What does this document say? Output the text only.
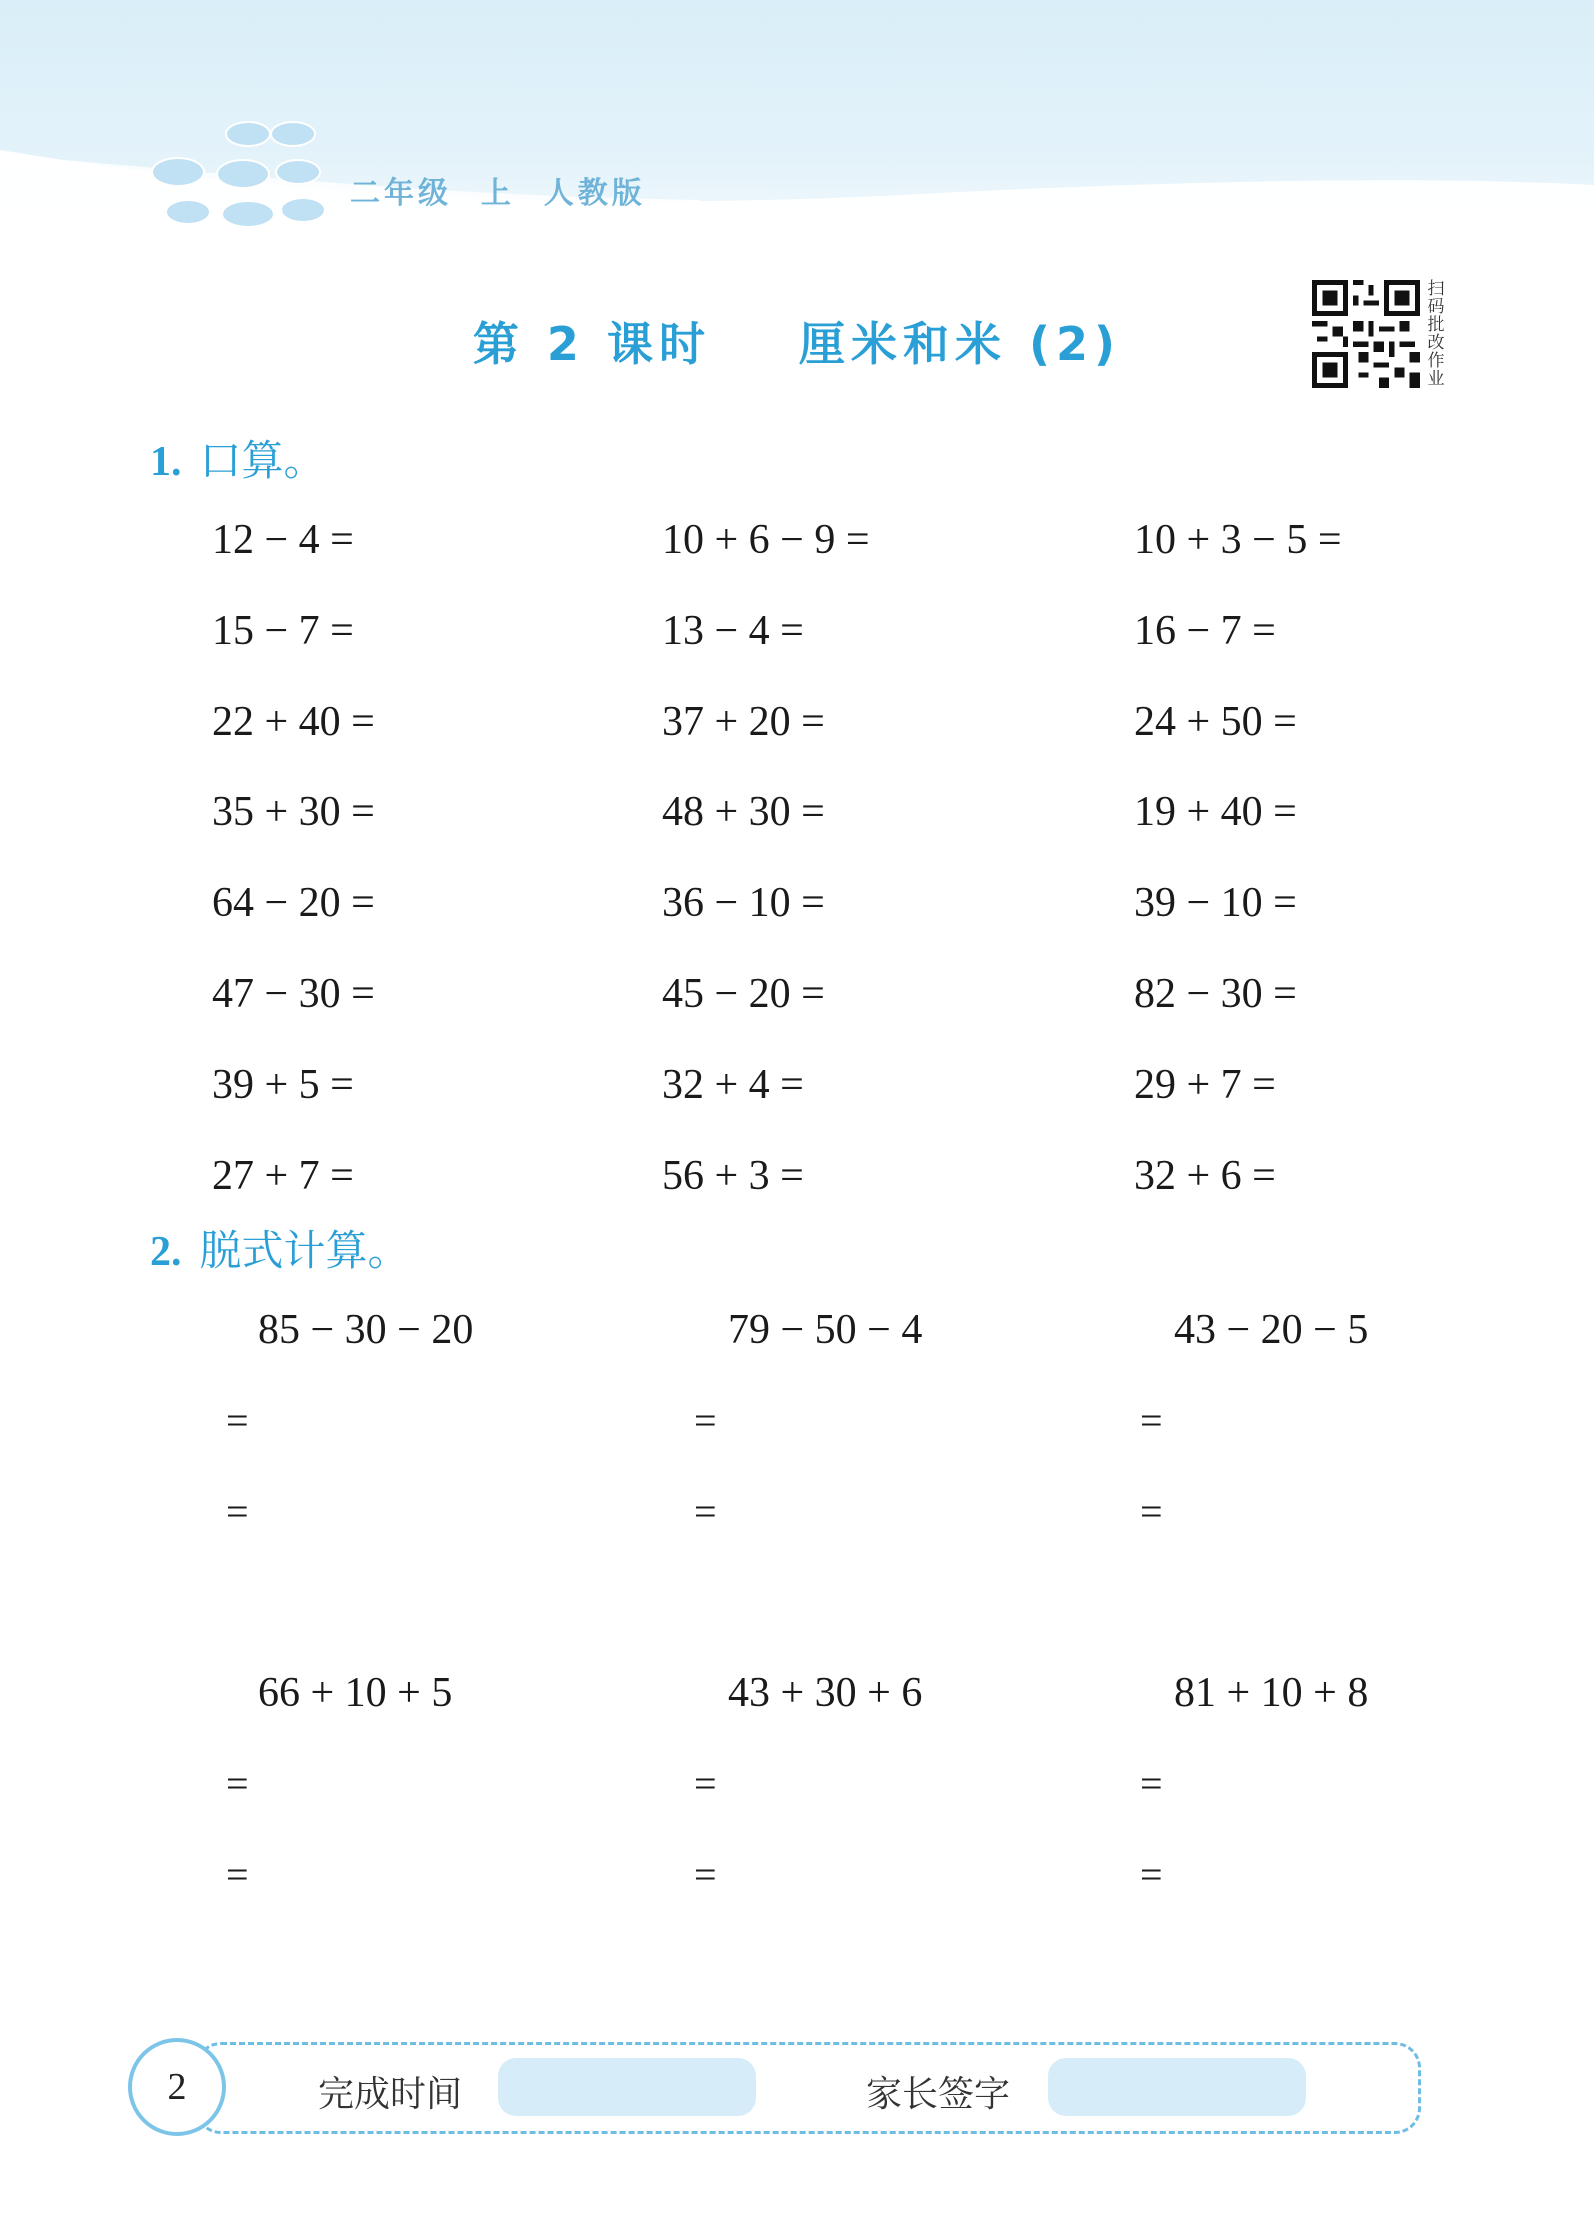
二年级  上  人教版
第 2 课时    厘米和米 (2)
扫码批改作业
1. 口算。
12 − 4 =
15 − 7 =
22 + 40 =
35 + 30 =
64 − 20 =
47 − 30 =
39 + 5 =
27 + 7 =
10 + 6 − 9 =
13 − 4 =
37 + 20 =
48 + 30 =
36 − 10 =
45 − 20 =
32 + 4 =
56 + 3 =
10 + 3 − 5 =
16 − 7 =
24 + 50 =
19 + 40 =
39 − 10 =
82 − 30 =
29 + 7 =
32 + 6 =
2. 脱式计算。
85 − 30 − 20
=
=
79 − 50 − 4
=
=
43 − 20 − 5
=
=
66 + 10 + 5
=
=
43 + 30 + 6
=
=
81 + 10 + 8
=
=
2	完成时间	家长签字
